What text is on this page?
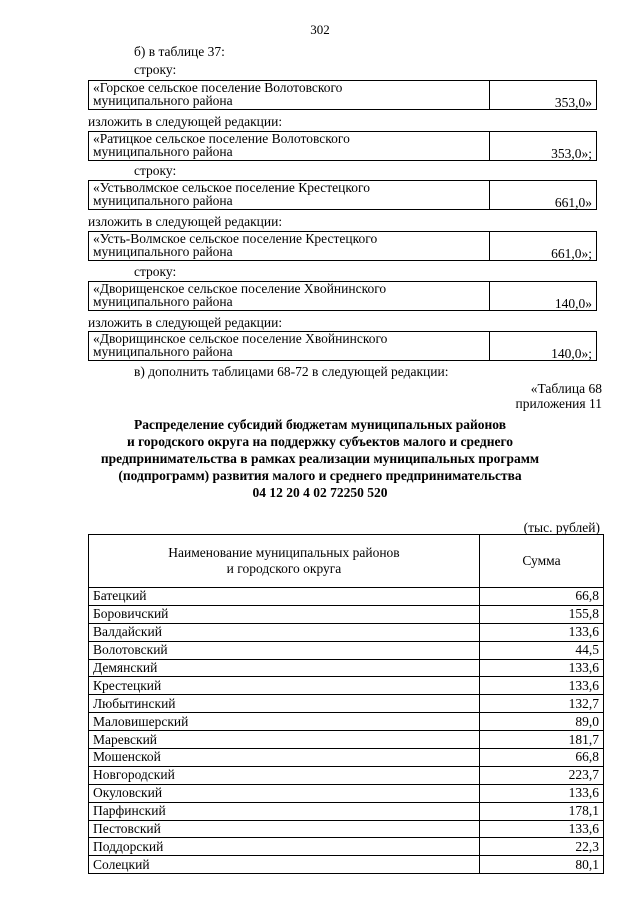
302
б) в таблице 37:
строку:
«Горское сельское поселение Волотовского
муниципального района	353,0»
изложить в следующей редакции:
«Ратицкое сельское поселение Волотовского
муниципального района	353,0»;
строку:
«Устьволмское сельское поселение Крестецкого
муниципального района	661,0»
изложить в следующей редакции:
«Усть-Волмское сельское поселение Крестецкого
муниципального района	661,0»;
строку:
«Дворищенское сельское поселение Хвойнинского
муниципального района	140,0»
изложить в следующей редакции:
«Дворищинское сельское поселение Хвойнинского
муниципального района	140,0»;
в) дополнить таблицами 68-72 в следующей редакции:
«Таблица 68
приложения 11
Распределение субсидий бюджетам муниципальных районов
и городского округа на поддержку субъектов малого и среднего
предпринимательства в рамках реализации муниципальных программ
(подпрограмм) развития малого и среднего предпринимательства
04 12 20 4 02 72250 520
(тыс. рублей)
Наименование муниципальных районов
и городского округа	Сумма
Батецкий	66,8
Боровичский	155,8
Валдайский	133,6
Волотовский	44,5
Демянский	133,6
Крестецкий	133,6
Любытинский	132,7
Маловишерский	89,0
Маревский	181,7
Мошенской	66,8
Новгородский	223,7
Окуловский	133,6
Парфинский	178,1
Пестовский	133,6
Поддорский	22,3
Солецкий	80,1
